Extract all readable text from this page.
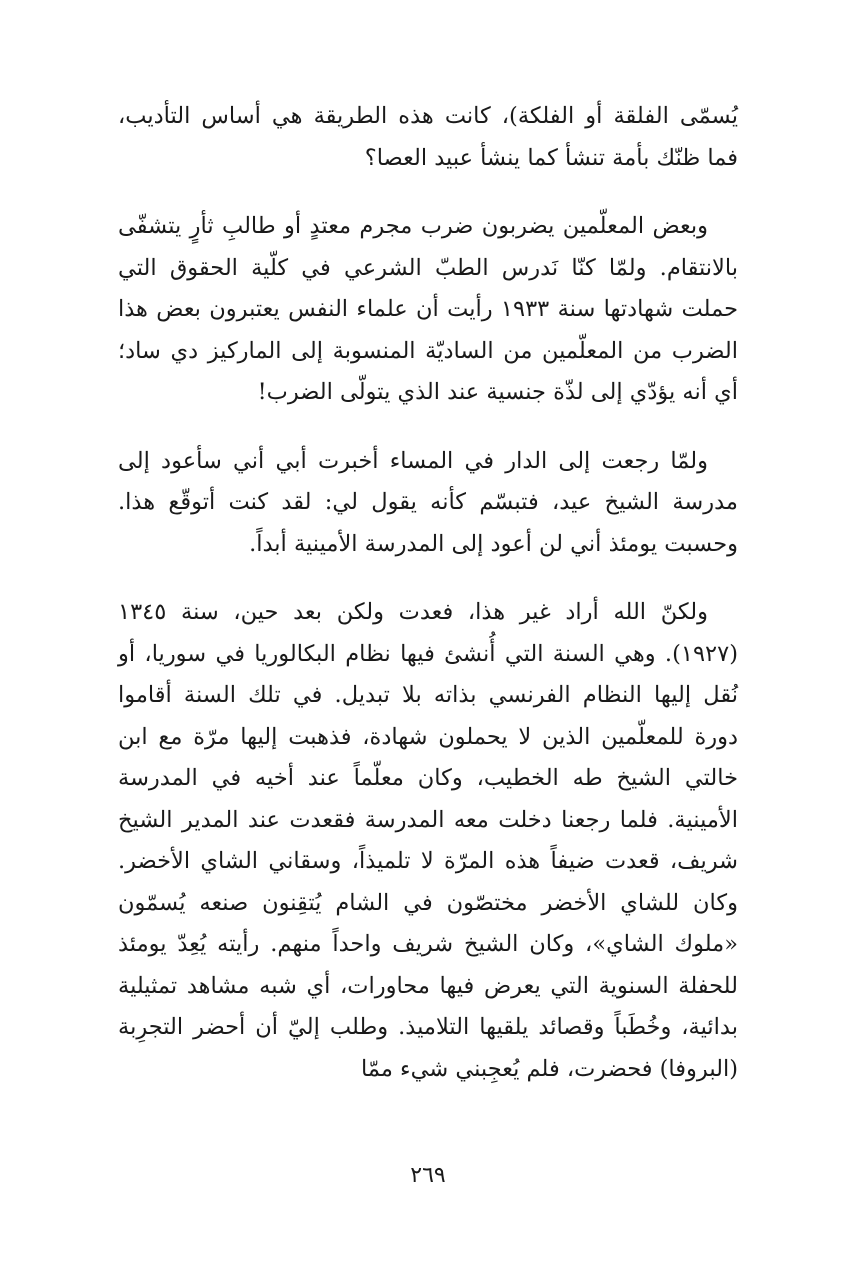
يُسمّى الفلقة أو الفلكة)، كانت هذه الطريقة هي أساس التأديب، فما ظنّك بأمة تنشأ كما ينشأ عبيد العصا؟

وبعض المعلّمين يضربون ضرب مجرم معتدٍ أو طالبِ ثأرٍ يتشفّى بالانتقام. ولمّا كنّا نَدرس الطبّ الشرعي في كلّية الحقوق التي حملت شهادتها سنة ١٩٣٣ رأيت أن علماء النفس يعتبرون بعض هذا الضرب من المعلّمين من الساديّة المنسوبة إلى الماركيز دي ساد؛ أي أنه يؤدّي إلى لذّة جنسية عند الذي يتولّى الضرب!

ولمّا رجعت إلى الدار في المساء أخبرت أبي أني سأعود إلى مدرسة الشيخ عيد، فتبسّم كأنه يقول لي: لقد كنت أتوقّع هذا. وحسبت يومئذ أني لن أعود إلى المدرسة الأمينية أبداً.

ولكنّ الله أراد غير هذا، فعدت ولكن بعد حين، سنة ١٣٤٥ (١٩٢٧). وهي السنة التي أُنشئ فيها نظام البكالوريا في سوريا، أو نُقل إليها النظام الفرنسي بذاته بلا تبديل. في تلك السنة أقاموا دورة للمعلّمين الذين لا يحملون شهادة، فذهبت إليها مرّة مع ابن خالتي الشيخ طه الخطيب، وكان معلّماً عند أخيه في المدرسة الأمينية. فلما رجعنا دخلت معه المدرسة فقعدت عند المدير الشيخ شريف، قعدت ضيفاً هذه المرّة لا تلميذاً، وسقاني الشاي الأخضر. وكان للشاي الأخضر مختصّون في الشام يُتقِنون صنعه يُسمّون «ملوك الشاي»، وكان الشيخ شريف واحداً منهم. رأيته يُعِدّ يومئذ للحفلة السنوية التي يعرض فيها محاورات، أي شبه مشاهد تمثيلية بدائية، وخُطَباً وقصائد يلقيها التلاميذ. وطلب إليّ أن أحضر التجرِبة (البروفا) فحضرت، فلم يُعجِبني شيء ممّا

٢٦٩
